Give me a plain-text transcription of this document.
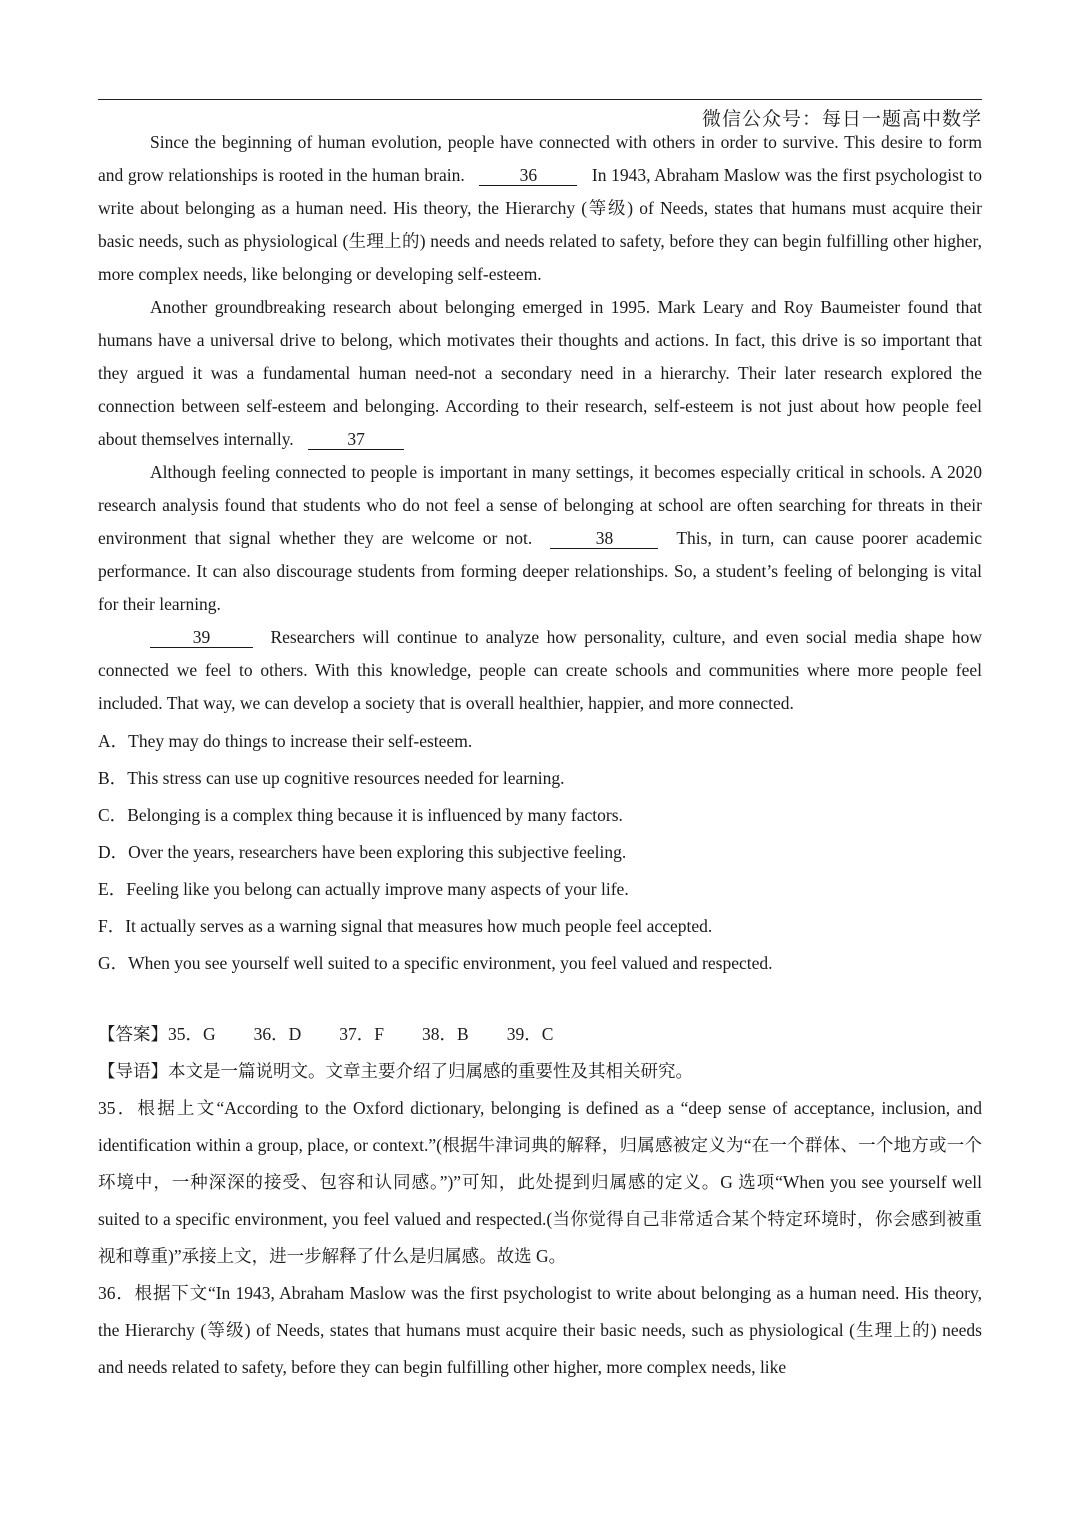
微信公众号：每日一题高中数学

Since the beginning of human evolution, people have connected with others in order to survive. This desire to form and grow relationships is rooted in the human brain.	36	In 1943, Abraham Maslow was the first psychologist to write about belonging as a human need. His theory, the Hierarchy (等级) of Needs, states that humans must acquire their basic needs, such as physiological (生理上的) needs and needs related to safety, before they can begin fulfilling other higher, more complex needs, like belonging or developing self-esteem.

Another groundbreaking research about belonging emerged in 1995. Mark Leary and Roy Baumeister found that humans have a universal drive to belong, which motivates their thoughts and actions. In fact, this drive is so important that they argued it was a fundamental human need-not a secondary need in a hierarchy. Their later research explored the connection between self-esteem and belonging. According to their research, self-esteem is not just about how people feel about themselves internally.	37

Although feeling connected to people is important in many settings, it becomes especially critical in schools. A 2020 research analysis found that students who do not feel a sense of belonging at school are often searching for threats in their environment that signal whether they are welcome or not.	38	This, in turn, can cause poorer academic performance. It can also discourage students from forming deeper relationships. So, a student’s feeling of belonging is vital for their learning.

39	Researchers will continue to analyze how personality, culture, and even social media shape how connected we feel to others. With this knowledge, people can create schools and communities where more people feel included. That way, we can develop a society that is overall healthier, happier, and more connected.

A．They may do things to increase their self-esteem.

B．This stress can use up cognitive resources needed for learning.

C．Belonging is a complex thing because it is influenced by many factors.

D．Over the years, researchers have been exploring this subjective feeling.

E．Feeling like you belong can actually improve many aspects of your life.

F．It actually serves as a warning signal that measures how much people feel accepted.

G．When you see yourself well suited to a specific environment, you feel valued and respected.

【答案】35．G 36．D 37．F 38．B 39．C

【导语】本文是一篇说明文。文章主要介绍了归属感的重要性及其相关研究。

35．根据上文“According to the Oxford dictionary, belonging is defined as a “deep sense of acceptance, inclusion, and identification within a group, place, or context.”(根据牛津词典的解释，归属感被定义为“在一个群体、一个地方或一个环境中，一种深深的接受、包容和认同感。”)”可知，此处提到归属感的定义。G 选项“When you see yourself well suited to a specific environment, you feel valued and respected.(当你觉得自己非常适合某个特定环境时，你会感到被重视和尊重)”承接上文，进一步解释了什么是归属感。故选 G。

36．根据下文“In 1943, Abraham Maslow was the first psychologist to write about belonging as a human need. His theory, the Hierarchy (等级) of Needs, states that humans must acquire their basic needs, such as physiological (生理上的) needs and needs related to safety, before they can begin fulfilling other higher, more complex needs, like
